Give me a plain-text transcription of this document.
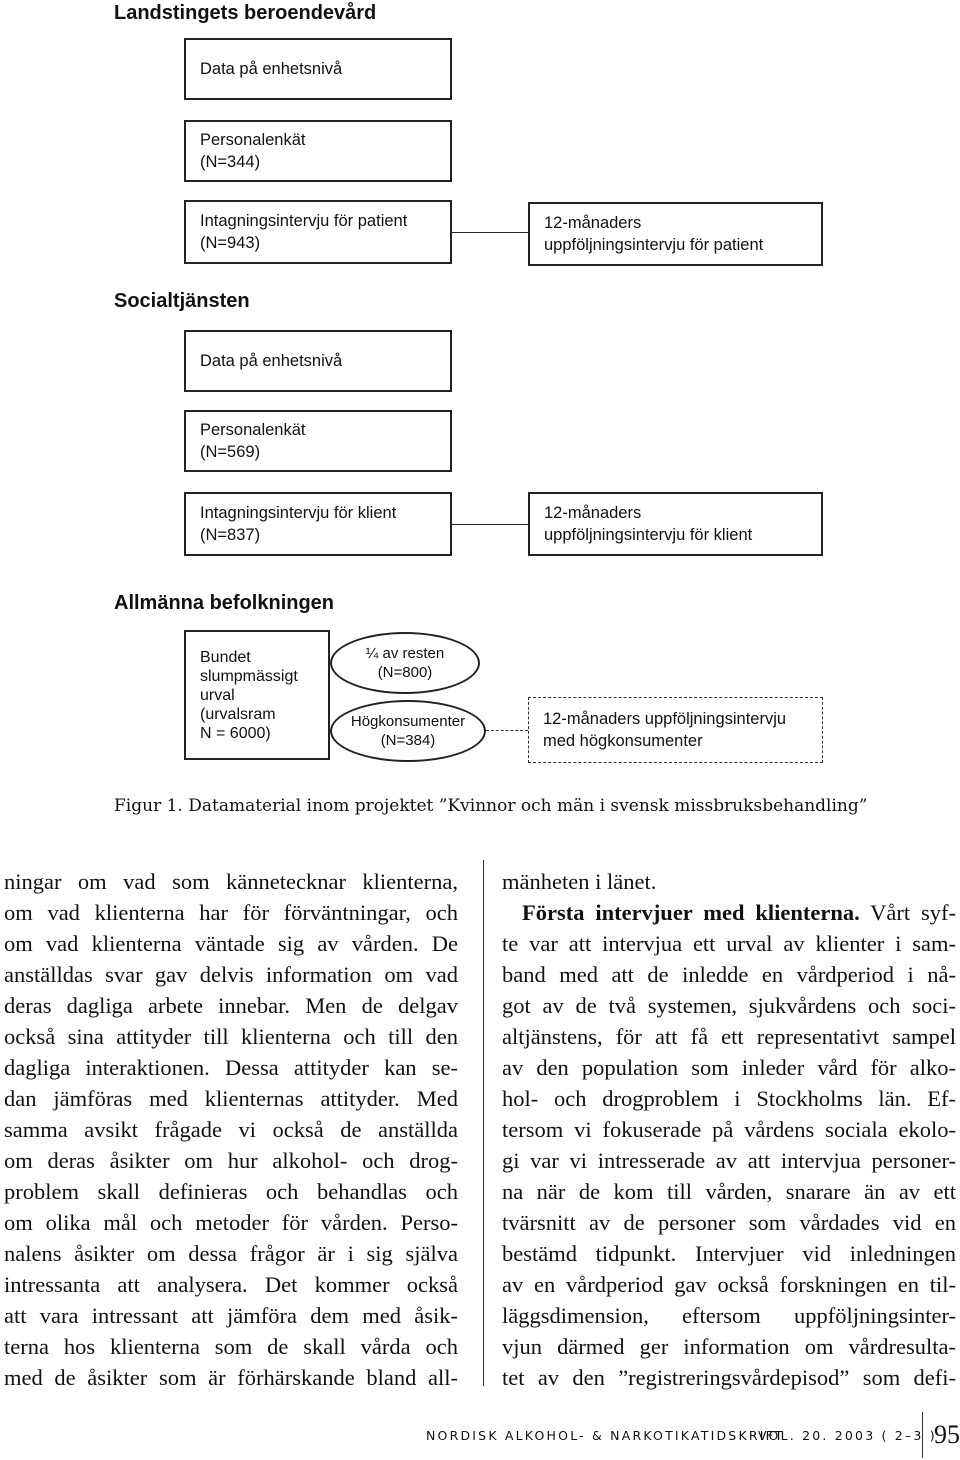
Landstingets beroendevård
Data på enhetsnivå
Personalenkät
(N=344)
Intagningsintervju för patient
(N=943)
12-månaders
uppföljningsintervju för patient
Socialtjänsten
Data på enhetsnivå
Personalenkät
(N=569)
Intagningsintervju för klient
(N=837)
12-månaders
uppföljningsintervju för klient
Allmänna befolkningen
Bundet
slumpmässigt
urval
(urvalsram
N = 6000)
¼ av resten
(N=800)
Högkonsumenter
(N=384)
12-månaders uppföljningsintervju
med högkonsumenter
Figur 1. Datamaterial inom projektet ”Kvinnor och män i svensk missbruksbehandling”
ningar om vad som kännetecknar klienterna,
om vad klienterna har för förväntningar, och
om vad klienterna väntade sig av vården. De
anställdas svar gav delvis information om vad
deras dagliga arbete innebar. Men de delgav
också sina attityder till klienterna och till den
dagliga interaktionen. Dessa attityder kan se-
dan jämföras med klienternas attityder. Med
samma avsikt frågade vi också de anställda
om deras åsikter om hur alkohol- och drog-
problem skall definieras och behandlas och
om olika mål och metoder för vården. Perso-
nalens åsikter om dessa frågor är i sig själva
intressanta att analysera. Det kommer också
att vara intressant att jämföra dem med åsik-
terna hos klienterna som de skall vårda och
med de åsikter som är förhärskande bland all-
mänheten i länet.
Första intervjuer med klienterna. Vårt syf-
te var att intervjua ett urval av klienter i sam-
band med att de inledde en vårdperiod i nå-
got av de två systemen, sjukvårdens och soci-
altjänstens, för att få ett representativt sampel
av den population som inleder vård för alko-
hol- och drogproblem i Stockholms län. Ef-
tersom vi fokuserade på vårdens sociala ekolo-
gi var vi intresserade av att intervjua personer-
na när de kom till vården, snarare än av ett
tvärsnitt av de personer som vårdades vid en
bestämd tidpunkt. Intervjuer vid inledningen
av en vårdperiod gav också forskningen en til-
läggsdimension, eftersom uppföljningsinter-
vjun därmed ger information om vårdresulta-
tet av den ”registreringsvårdepisod” som defi-
NORDISK ALKOHOL- & NARKOTIKATIDSKRIFT
VOL. 20. 2003 ( 2–3 )
95
